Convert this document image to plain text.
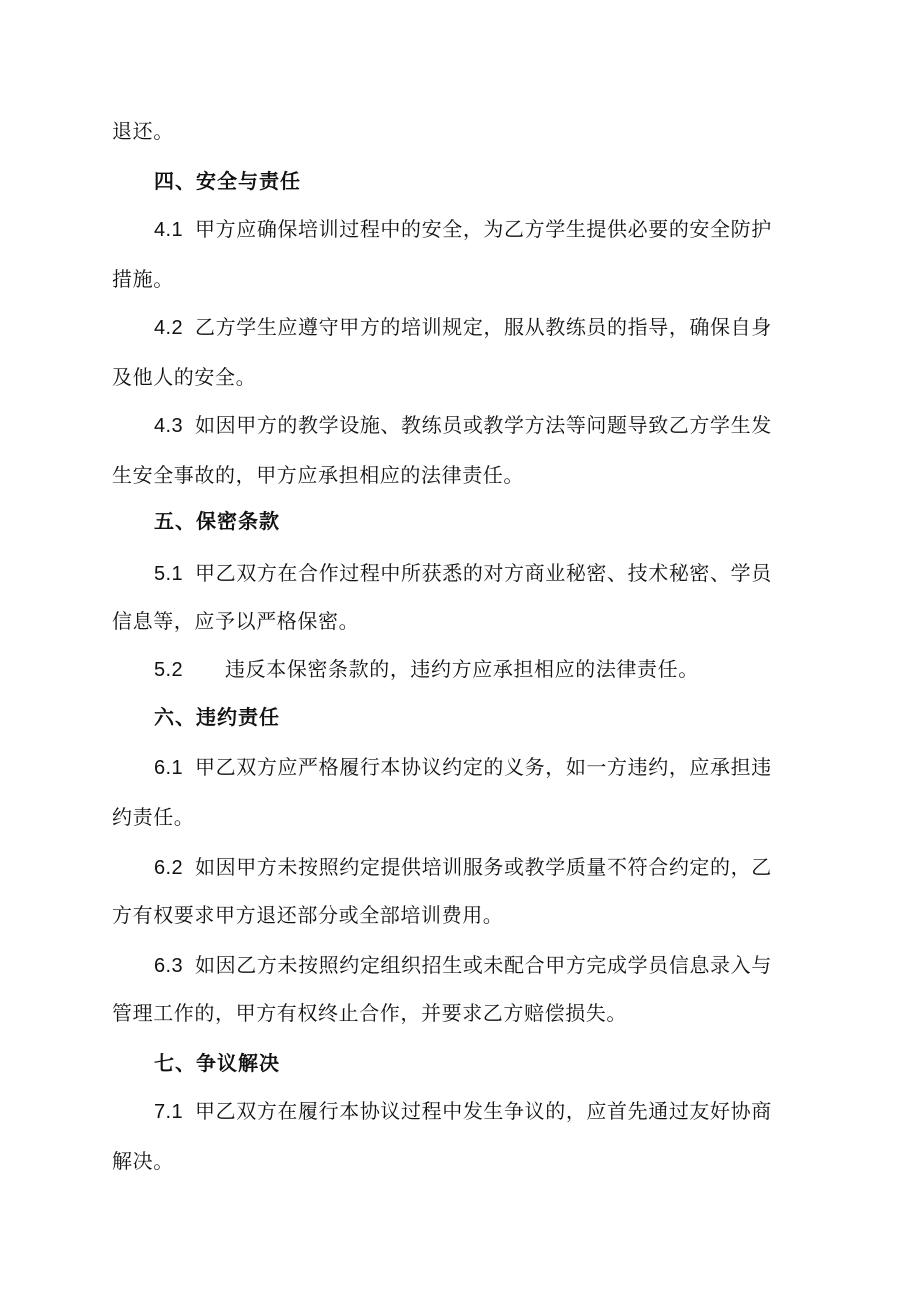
退还。
四、安全与责任
4.1 甲方应确保培训过程中的安全，为乙方学生提供必要的安全防护
措施。
4.2 乙方学生应遵守甲方的培训规定，服从教练员的指导，确保自身
及他人的安全。
4.3 如因甲方的教学设施、教练员或教学方法等问题导致乙方学生发
生安全事故的，甲方应承担相应的法律责任。
五、保密条款
5.1 甲乙双方在合作过程中所获悉的对方商业秘密、技术秘密、学员
信息等，应予以严格保密。
5.2 违反本保密条款的，违约方应承担相应的法律责任。
六、违约责任
6.1 甲乙双方应严格履行本协议约定的义务，如一方违约，应承担违
约责任。
6.2 如因甲方未按照约定提供培训服务或教学质量不符合约定的，乙
方有权要求甲方退还部分或全部培训费用。
6.3 如因乙方未按照约定组织招生或未配合甲方完成学员信息录入与
管理工作的，甲方有权终止合作，并要求乙方赔偿损失。
七、争议解决
7.1 甲乙双方在履行本协议过程中发生争议的，应首先通过友好协商
解决。
